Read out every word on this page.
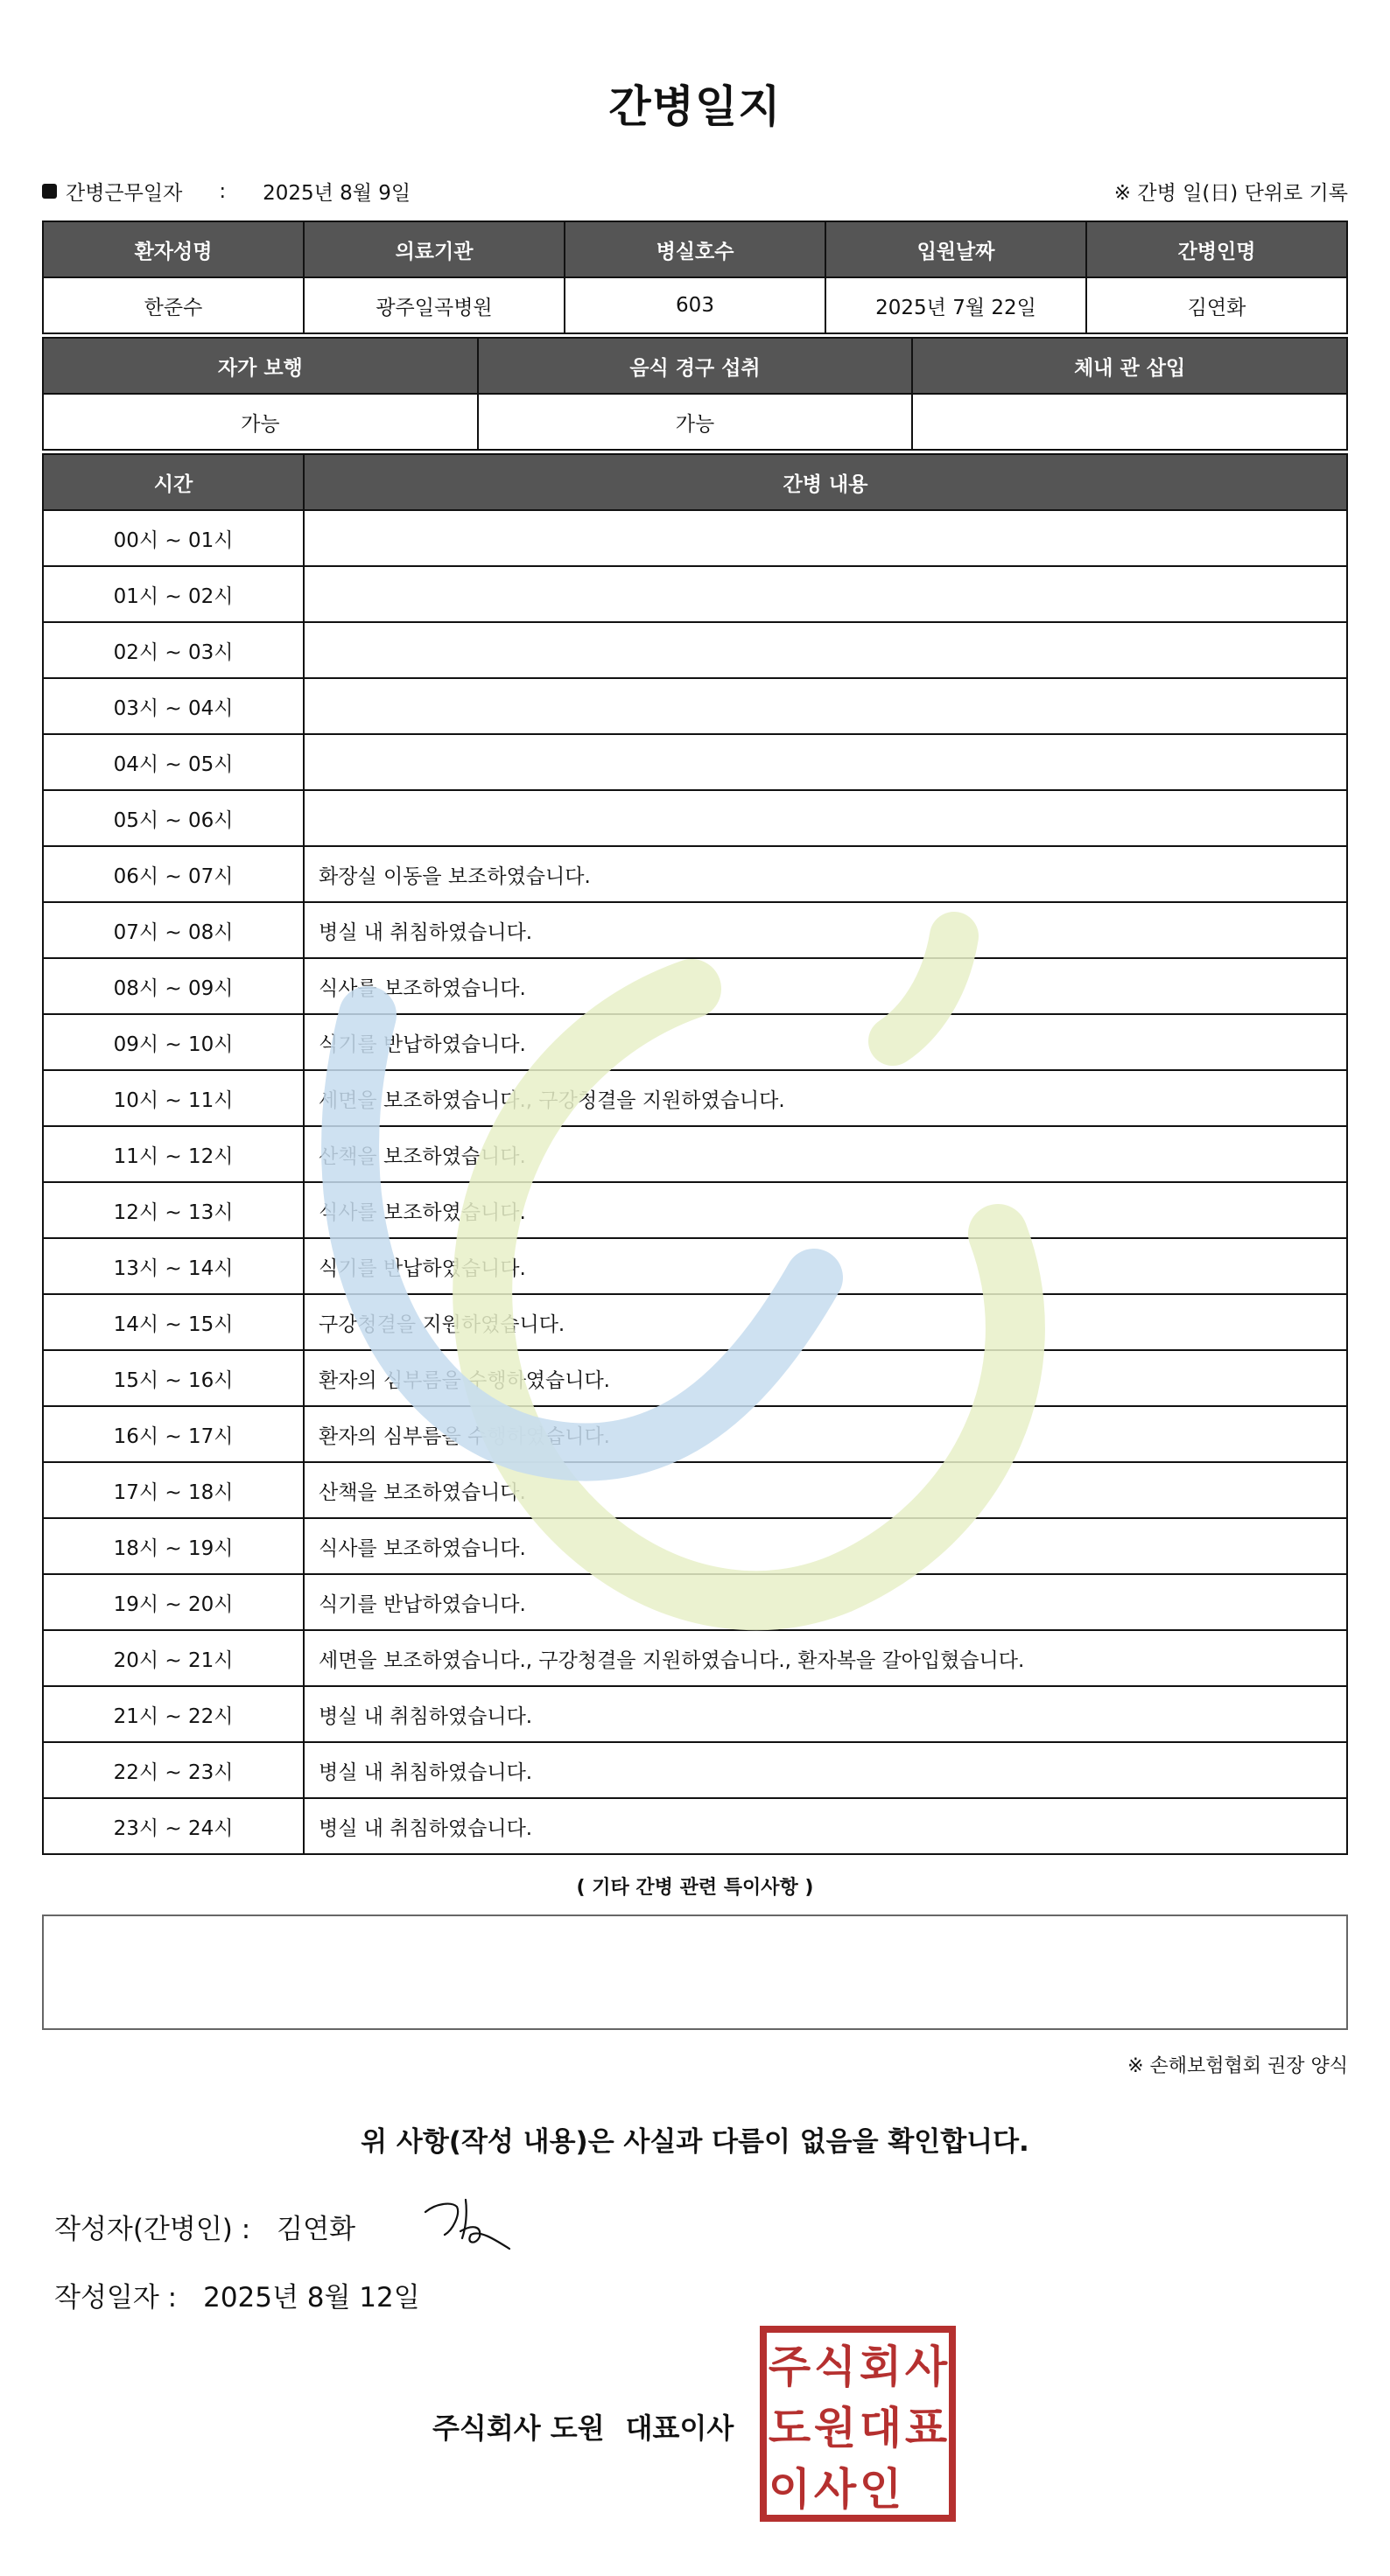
간병일지
간병근무일자 : 2025년 8월 9일	※ 간병 일(日) 단위로 기록
환자성명	의료기관	병실호수	입원날짜	간병인명
한준수	광주일곡병원	603	2025년 7월 22일	김연화
자가 보행	음식 경구 섭취	체내 관 삽입
가능	가능	
시간	간병 내용
00시 ~ 01시	
01시 ~ 02시	
02시 ~ 03시	
03시 ~ 04시	
04시 ~ 05시	
05시 ~ 06시	
06시 ~ 07시	화장실 이동을 보조하였습니다.
07시 ~ 08시	병실 내 취침하였습니다.
08시 ~ 09시	식사를 보조하였습니다.
09시 ~ 10시	식기를 반납하였습니다.
10시 ~ 11시	세면을 보조하였습니다., 구강청결을 지원하였습니다.
11시 ~ 12시	산책을 보조하였습니다.
12시 ~ 13시	식사를 보조하였습니다.
13시 ~ 14시	식기를 반납하였습니다.
14시 ~ 15시	구강청결을 지원하였습니다.
15시 ~ 16시	환자의 심부름을 수행하였습니다.
16시 ~ 17시	환자의 심부름을 수행하였습니다.
17시 ~ 18시	산책을 보조하였습니다.
18시 ~ 19시	식사를 보조하였습니다.
19시 ~ 20시	식기를 반납하였습니다.
20시 ~ 21시	세면을 보조하였습니다., 구강청결을 지원하였습니다., 환자복을 갈아입혔습니다.
21시 ~ 22시	병실 내 취침하였습니다.
22시 ~ 23시	병실 내 취침하였습니다.
23시 ~ 24시	병실 내 취침하였습니다.
( 기타 간병 관련 특이사항 )
※ 손해보험협회 권장 양식
위 사항(작성 내용)은 사실과 다름이 없음을 확인합니다.
작성자(간병인) : 김연화
작성일자 : 2025년 8월 12일
주식회사 도원 대표이사
주 식 회 사
도 원 대 표
이 사 인
